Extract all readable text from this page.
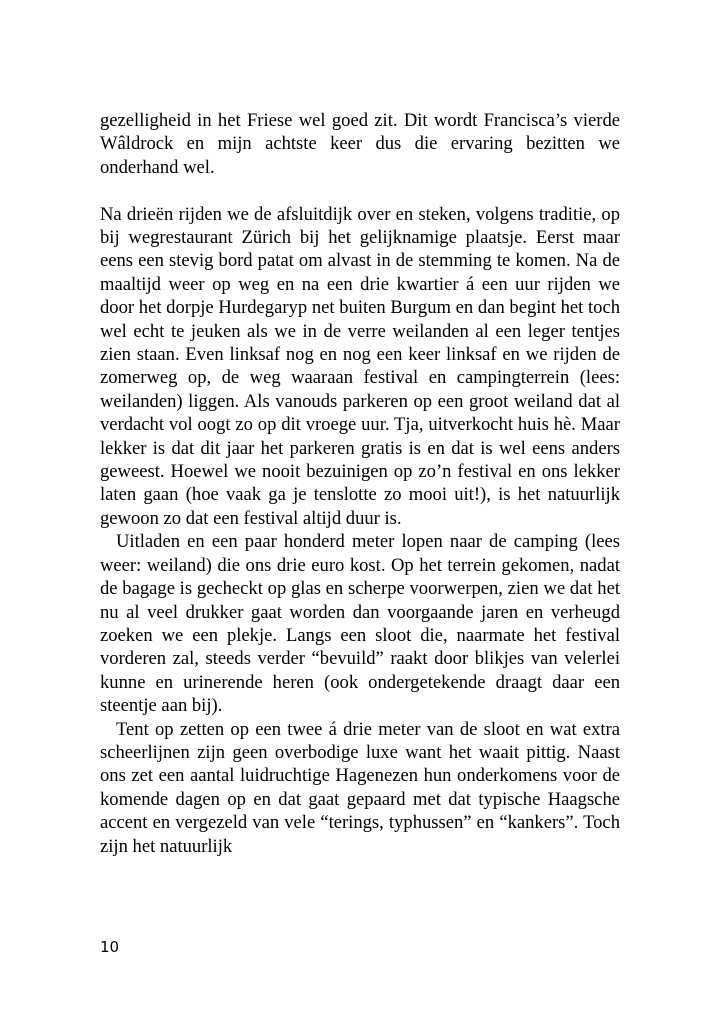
gezelligheid in het Friese wel goed zit. Dit wordt Francisca’s vierde Wâldrock en mijn achtste keer dus die ervaring bezitten we onderhand wel.

Na drieën rijden we de afsluitdijk over en steken, volgens traditie, op bij wegrestaurant Zürich bij het gelijknamige plaatsje. Eerst maar eens een stevig bord patat om alvast in de stemming te komen. Na de maaltijd weer op weg en na een drie kwartier á een uur rijden we door het dorpje Hurdegaryp net buiten Burgum en dan begint het toch wel echt te jeuken als we in de verre weilanden al een leger tentjes zien staan. Even linksaf nog en nog een keer linksaf en we rijden de zomerweg op, de weg waaraan festival en campingterrein (lees: weilanden) liggen. Als vanouds parkeren op een groot weiland dat al verdacht vol oogt zo op dit vroege uur. Tja, uitverkocht huis hè. Maar lekker is dat dit jaar het parkeren gratis is en dat is wel eens anders geweest. Hoewel we nooit bezuinigen op zo’n festival en ons lekker laten gaan (hoe vaak ga je tenslotte zo mooi uit!), is het natuurlijk gewoon zo dat een festival altijd duur is.

Uitladen en een paar honderd meter lopen naar de camping (lees weer: weiland) die ons drie euro kost. Op het terrein gekomen, nadat de bagage is gecheckt op glas en scherpe voorwerpen, zien we dat het nu al veel drukker gaat worden dan voorgaande jaren en verheugd zoeken we een plekje. Langs een sloot die, naarmate het festival vorderen zal, steeds verder “bevuild” raakt door blikjes van velerlei kunne en urinerende heren (ook ondergetekende draagt daar een steentje aan bij).

Tent op zetten op een twee á drie meter van de sloot en wat extra scheerlijnen zijn geen overbodige luxe want het waait pittig. Naast ons zet een aantal luidruchtige Hagenezen hun onderkomens voor de komende dagen op en dat gaat gepaard met dat typische Haagsche accent en vergezeld van vele “terings, typhussen” en “kankers”. Toch zijn het natuurlijk

10
